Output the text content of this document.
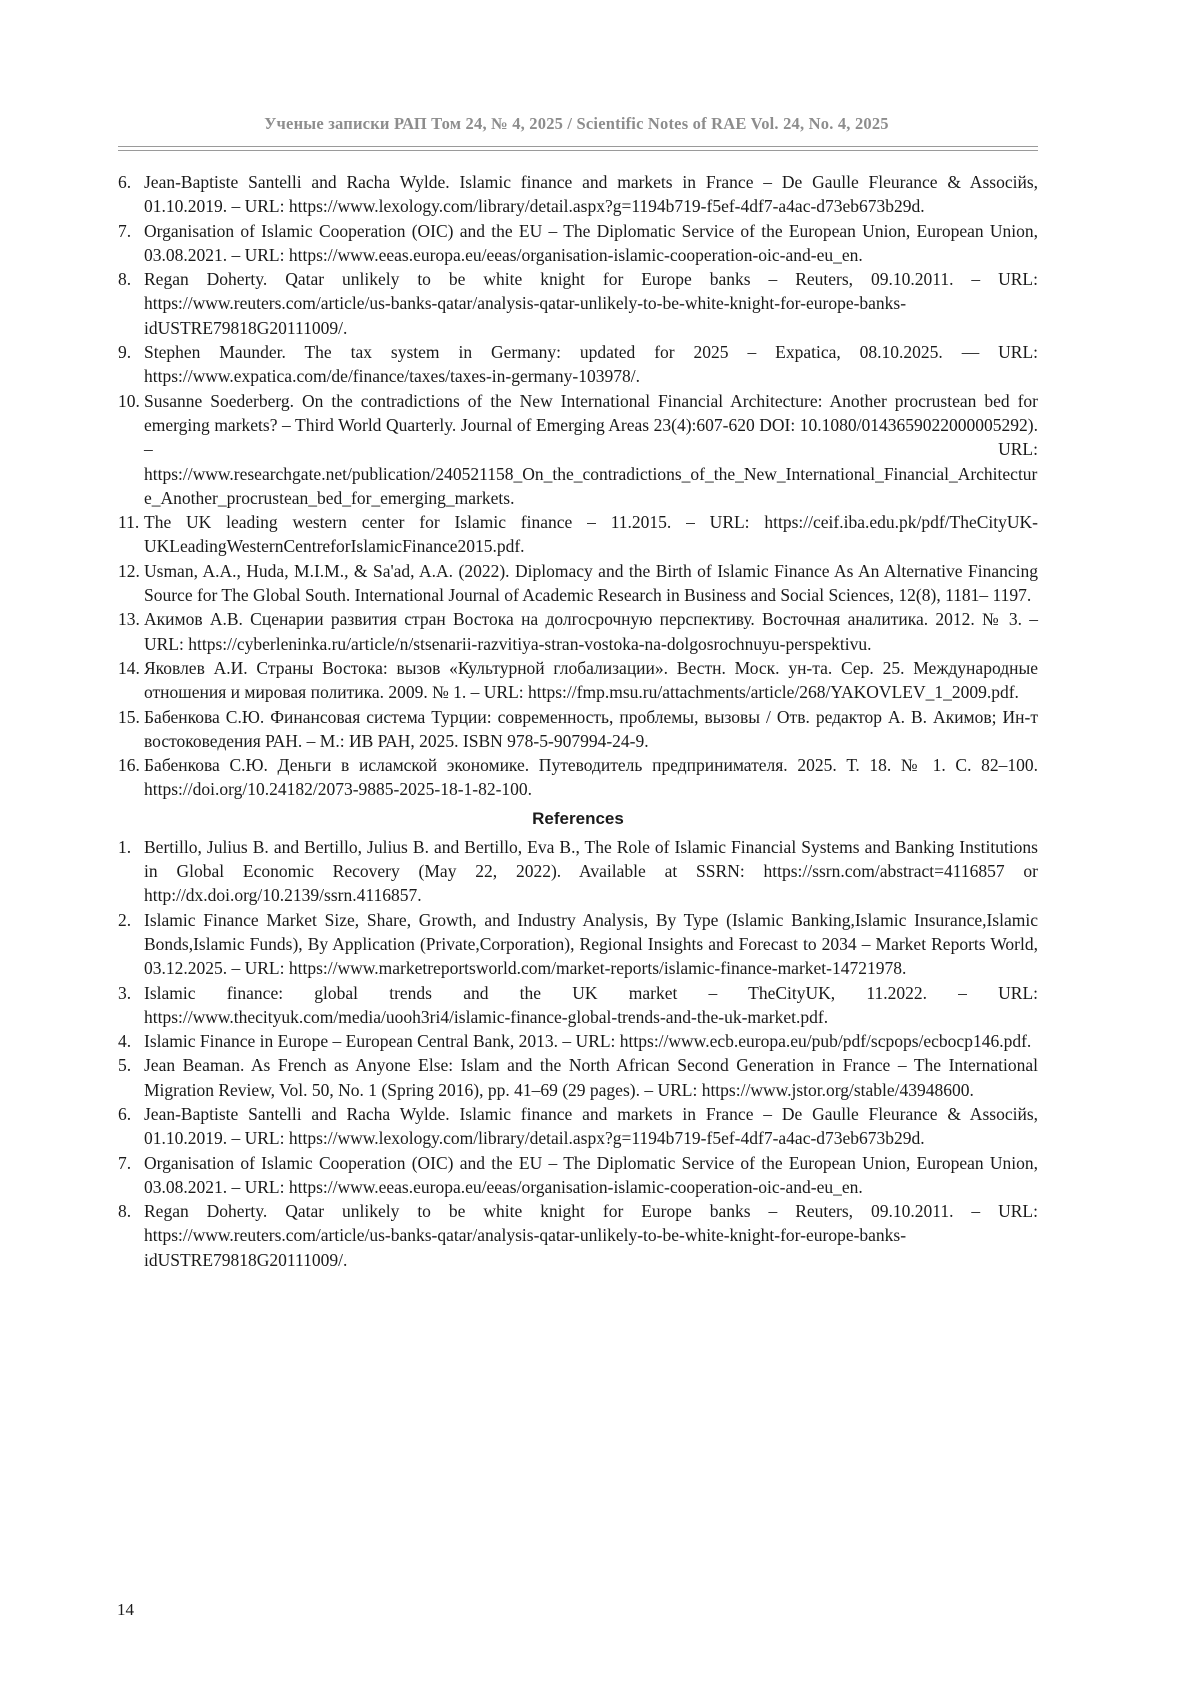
Ученые записки РАП Том 24, № 4, 2025 / Scientific Notes of RAE Vol. 24, No. 4, 2025
6. Jean-Baptiste Santelli and Racha Wylde. Islamic finance and markets in France – De Gaulle Fleurance & Associйs, 01.10.2019. – URL: https://www.lexology.com/library/detail.aspx?g=1194b719-f5ef-4df7-a4ac-d73eb673b29d.
7. Organisation of Islamic Cooperation (OIC) and the EU – The Diplomatic Service of the European Union, European Union, 03.08.2021. – URL: https://www.eeas.europa.eu/eeas/organisation-islamic-cooperation-oic-and-eu_en.
8. Regan Doherty. Qatar unlikely to be white knight for Europe banks – Reuters, 09.10.2011. – URL: https://www.reuters.com/article/us-banks-qatar/analysis-qatar-unlikely-to-be-white-knight-for-europe-banks-idUSTRE79818G20111009/.
9. Stephen Maunder. The tax system in Germany: updated for 2025 – Expatica, 08.10.2025. — URL: https://www.expatica.com/de/finance/taxes/taxes-in-germany-103978/.
10. Susanne Soederberg. On the contradictions of the New International Financial Architecture: Another procrustean bed for emerging markets? – Third World Quarterly. Journal of Emerging Areas 23(4):607-620 DOI: 10.1080/0143659022000005292). – URL: https://www.researchgate.net/publication/240521158_On_the_contradictions_of_the_New_International_Financial_Architecture_Another_procrustean_bed_for_emerging_markets.
11. The UK leading western center for Islamic finance – 11.2015. – URL: https://ceif.iba.edu.pk/pdf/TheCityUK-UKLeadingWesternCentreforIslamicFinance2015.pdf.
12. Usman, A.A., Huda, M.I.M., & Sa'ad, A.A. (2022). Diplomacy and the Birth of Islamic Finance As An Alternative Financing Source for The Global South. International Journal of Academic Research in Business and Social Sciences, 12(8), 1181– 1197.
13. Акимов А.В. Сценарии развития стран Востока на долгосрочную перспективу. Восточная аналитика. 2012. № 3. – URL: https://cyberleninka.ru/article/n/stsenarii-razvitiya-stran-vostoka-na-dolgosrochnuyu-perspektivu.
14. Яковлев А.И. Страны Востока: вызов «Культурной глобализации». Вестн. Моск. ун-та. Сер. 25. Международные отношения и мировая политика. 2009. № 1. – URL: https://fmp.msu.ru/attachments/article/268/YAKOVLEV_1_2009.pdf.
15. Бабенкова С.Ю. Финансовая система Турции: современность, проблемы, вызовы / Отв. редактор А. В. Акимов; Ин-т востоковедения РАН. – М.: ИВ РАН, 2025. ISBN 978-5-907994-24-9.
16. Бабенкова С.Ю. Деньги в исламской экономике. Путеводитель предпринимателя. 2025. Т. 18. № 1. С. 82–100. https://doi.org/10.24182/2073-9885-2025-18-1-82-100.
References
1. Bertillo, Julius B. and Bertillo, Julius B. and Bertillo, Eva B., The Role of Islamic Financial Systems and Banking Institutions in Global Economic Recovery (May 22, 2022). Available at SSRN: https://ssrn.com/abstract=4116857 or http://dx.doi.org/10.2139/ssrn.4116857.
2. Islamic Finance Market Size, Share, Growth, and Industry Analysis, By Type (Islamic Banking,Islamic Insurance,Islamic Bonds,Islamic Funds), By Application (Private,Corporation), Regional Insights and Forecast to 2034 – Market Reports World, 03.12.2025. – URL: https://www.marketreportsworld.com/market-reports/islamic-finance-market-14721978.
3. Islamic finance: global trends and the UK market – TheCityUK, 11.2022. – URL: https://www.thecityuk.com/media/uooh3ri4/islamic-finance-global-trends-and-the-uk-market.pdf.
4. Islamic Finance in Europe – European Central Bank, 2013. – URL: https://www.ecb.europa.eu/pub/pdf/scpops/ecbocp146.pdf.
5. Jean Beaman. As French as Anyone Else: Islam and the North African Second Generation in France – The International Migration Review, Vol. 50, No. 1 (Spring 2016), pp. 41–69 (29 pages). – URL: https://www.jstor.org/stable/43948600.
6. Jean-Baptiste Santelli and Racha Wylde. Islamic finance and markets in France – De Gaulle Fleurance & Associйs, 01.10.2019. – URL: https://www.lexology.com/library/detail.aspx?g=1194b719-f5ef-4df7-a4ac-d73eb673b29d.
7. Organisation of Islamic Cooperation (OIC) and the EU – The Diplomatic Service of the European Union, European Union, 03.08.2021. – URL: https://www.eeas.europa.eu/eeas/organisation-islamic-cooperation-oic-and-eu_en.
8. Regan Doherty. Qatar unlikely to be white knight for Europe banks – Reuters, 09.10.2011. – URL: https://www.reuters.com/article/us-banks-qatar/analysis-qatar-unlikely-to-be-white-knight-for-europe-banks-idUSTRE79818G20111009/.
14
